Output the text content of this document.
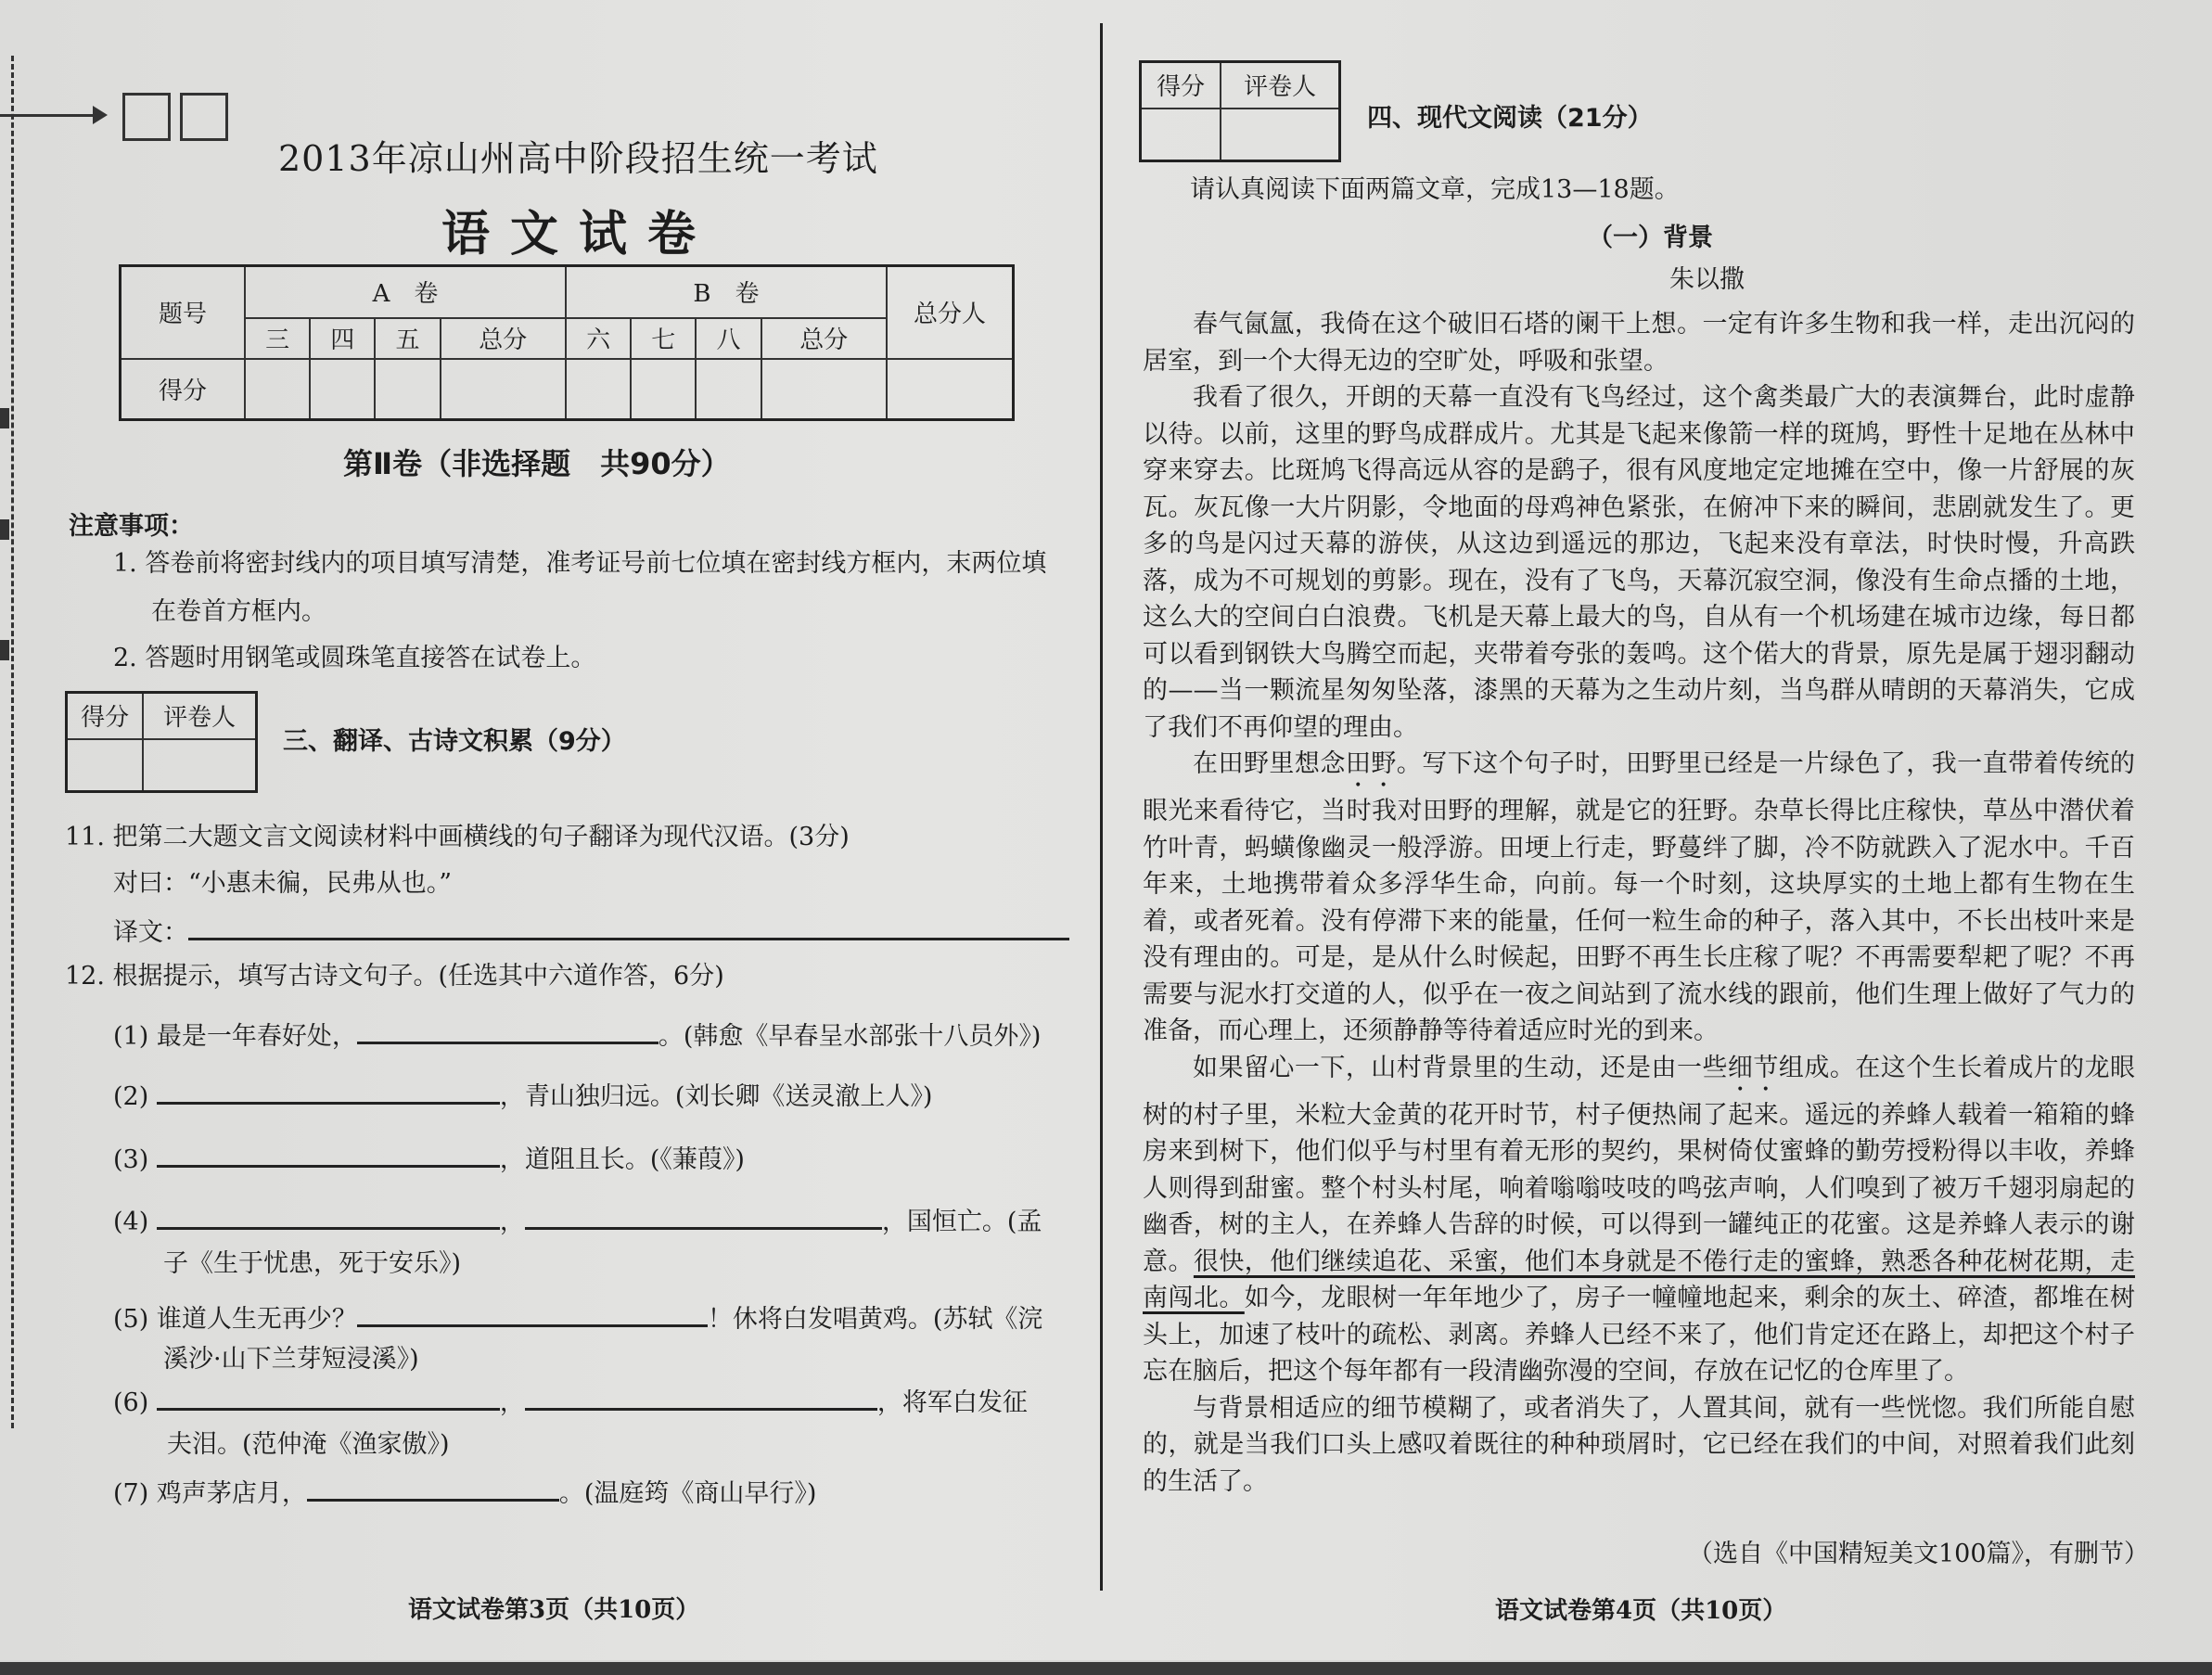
2013年凉山州高中阶段招生统一考试
语文试卷
题号	A　卷				B　卷				总分人
	三	四	五	总分	六	七	八	总分	
得分									
第Ⅱ卷（非选择题　共90分）
注意事项：
1. 答卷前将密封线内的项目填写清楚，准考证号前七位填在密封线方框内，末两位填
在卷首方框内。
2. 答题时用钢笔或圆珠笔直接答在试卷上。
得分	评卷人

三、翻译、古诗文积累（9分）
11. 把第二大题文言文阅读材料中画横线的句子翻译为现代汉语。(3分)
对曰：“小惠未徧，民弗从也。”
译文：
12. 根据提示，填写古诗文句子。(任选其中六道作答，6分)
(1) 最是一年春好处，	。(韩愈《早春呈水部张十八员外》)
(2)	，青山独归远。(刘长卿《送灵澈上人》)
(3)	，道阻且长。(《蒹葭》)
(4)	，	，国恒亡。(孟
子《生于忧患，死于安乐》)
(5) 谁道人生无再少？	！休将白发唱黄鸡。(苏轼《浣
溪沙·山下兰芽短浸溪》)
(6)	，	，将军白发征
夫泪。(范仲淹《渔家傲》)
(7) 鸡声茅店月，	。(温庭筠《商山早行》)
语文试卷第3页（共10页）
得分	评卷人

四、现代文阅读（21分）
请认真阅读下面两篇文章，完成13—18题。
（一）背景
朱以撒

春气氤氲，我倚在这个破旧石塔的阑干上想。一定有许多生物和我一样，走出沉闷的居室，到一个大得无边的空旷处，呼吸和张望。

我看了很久，开朗的天幕一直没有飞鸟经过，这个禽类最广大的表演舞台，此时虚静以待。以前，这里的野鸟成群成片。尤其是飞起来像箭一样的斑鸠，野性十足地在丛林中穿来穿去。比斑鸠飞得高远从容的是鹞子，很有风度地定定地摊在空中，像一片舒展的灰瓦。灰瓦像一大片阴影，令地面的母鸡神色紧张，在俯冲下来的瞬间，悲剧就发生了。更多的鸟是闪过天幕的游侠，从这边到遥远的那边，飞起来没有章法，时快时慢，升高跌落，成为不可规划的剪影。现在，没有了飞鸟，天幕沉寂空洞，像没有生命点播的土地，这么大的空间白白浪费。飞机是天幕上最大的鸟，自从有一个机场建在城市边缘，每日都可以看到钢铁大鸟腾空而起，夹带着夸张的轰鸣。这个偌大的背景，原先是属于翅羽翻动的——当一颗流星匆匆坠落，漆黑的天幕为之生动片刻，当鸟群从晴朗的天幕消失，它成了我们不再仰望的理由。

在田野里想念田野。写下这个句子时，田野里已经是一片绿色了，我一直带着传统的眼光来看待它，当时我对田野的理解，就是它的狂野。杂草长得比庄稼快，草丛中潜伏着竹叶青，蚂蟥像幽灵一般浮游。田埂上行走，野蔓绊了脚，冷不防就跌入了泥水中。千百年来，土地携带着众多浮华生命，向前。每一个时刻，这块厚实的土地上都有生物在生着，或者死着。没有停滞下来的能量，任何一粒生命的种子，落入其中，不长出枝叶来是没有理由的。可是，是从什么时候起，田野不再生长庄稼了呢？不再需要犁耙了呢？不再需要与泥水打交道的人，似乎在一夜之间站到了流水线的跟前，他们生理上做好了气力的准备，而心理上，还须静静等待着适应时光的到来。

如果留心一下，山村背景里的生动，还是由一些细节组成。在这个生长着成片的龙眼树的村子里，米粒大金黄的花开时节，村子便热闹了起来。遥远的养蜂人载着一箱箱的蜂房来到树下，他们似乎与村里有着无形的契约，果树倚仗蜜蜂的勤劳授粉得以丰收，养蜂人则得到甜蜜。整个村头村尾，响着嗡嗡吱吱的鸣弦声响，人们嗅到了被万千翅羽扇起的幽香，树的主人，在养蜂人告辞的时候，可以得到一罐纯正的花蜜。这是养蜂人表示的谢意。很快，他们继续追花、采蜜，他们本身就是不倦行走的蜜蜂，熟悉各种花树花期，走南闯北。如今，龙眼树一年年地少了，房子一幢幢地起来，剩余的灰土、碎渣，都堆在树头上，加速了枝叶的疏松、剥离。养蜂人已经不来了，他们肯定还在路上，却把这个村子忘在脑后，把这个每年都有一段清幽弥漫的空间，存放在记忆的仓库里了。

与背景相适应的细节模糊了，或者消失了，人置其间，就有一些恍惚。我们所能自慰的，就是当我们口头上感叹着既往的种种琐屑时，它已经在我们的中间，对照着我们此刻的生活了。

（选自《中国精短美文100篇》，有删节）
语文试卷第4页（共10页）
